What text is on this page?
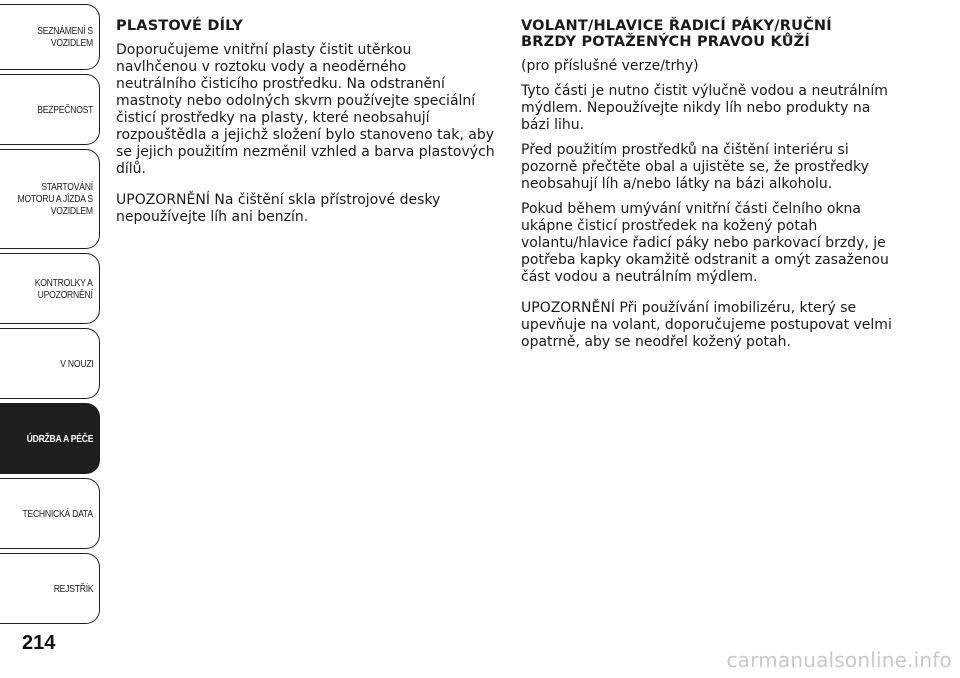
SEZNÁMENÍ S
VOZIDLEM
BEZPEČNOST
STARTOVÁNÍ
MOTORU A JÍZDA S
VOZIDLEM
KONTROLKY A
UPOZORNĚNÍ
V NOUZI
ÚDRŽBA A PÉČE
TECHNICKÁ DATA
REJSTŘÍK
214
PLASTOVÉ DÍLY
Doporučujeme vnitřní plasty čistit utěrkou
navlhčenou v roztoku vody a neoděrného
neutrálního čisticího prostředku. Na odstranění
mastnoty nebo odolných skvrn používejte speciální
čisticí prostředky na plasty, které neobsahují
rozpouštědla a jejichž složení bylo stanoveno tak, aby
se jejich použitím nezměnil vzhled a barva plastových
dílů.
UPOZORNĚNÍ Na čištění skla přístrojové desky
nepoužívejte líh ani benzín.
VOLANT/HLAVICE ŘADICÍ PÁKY/RUČNÍ
BRZDY POTAŽENÝCH PRAVOU KŮŽÍ
(pro příslušné verze/trhy)
Tyto části je nutno čistit výlučně vodou a neutrálním
mýdlem. Nepoužívejte nikdy líh nebo produkty na
bázi lihu.
Před použitím prostředků na čištění interiéru si
pozorně přečtěte obal a ujistěte se, že prostředky
neobsahují líh a/nebo látky na bázi alkoholu.
Pokud během umývání vnitřní části čelního okna
ukápne čisticí prostředek na kožený potah
volantu/hlavice řadicí páky nebo parkovací brzdy, je
potřeba kapky okamžitě odstranit a omýt zasaženou
část vodou a neutrálním mýdlem.
UPOZORNĚNÍ Při používání imobilizéru, který se
upevňuje na volant, doporučujeme postupovat velmi
opatrně, aby se neodřel kožený potah.
carmanualsonline.info
